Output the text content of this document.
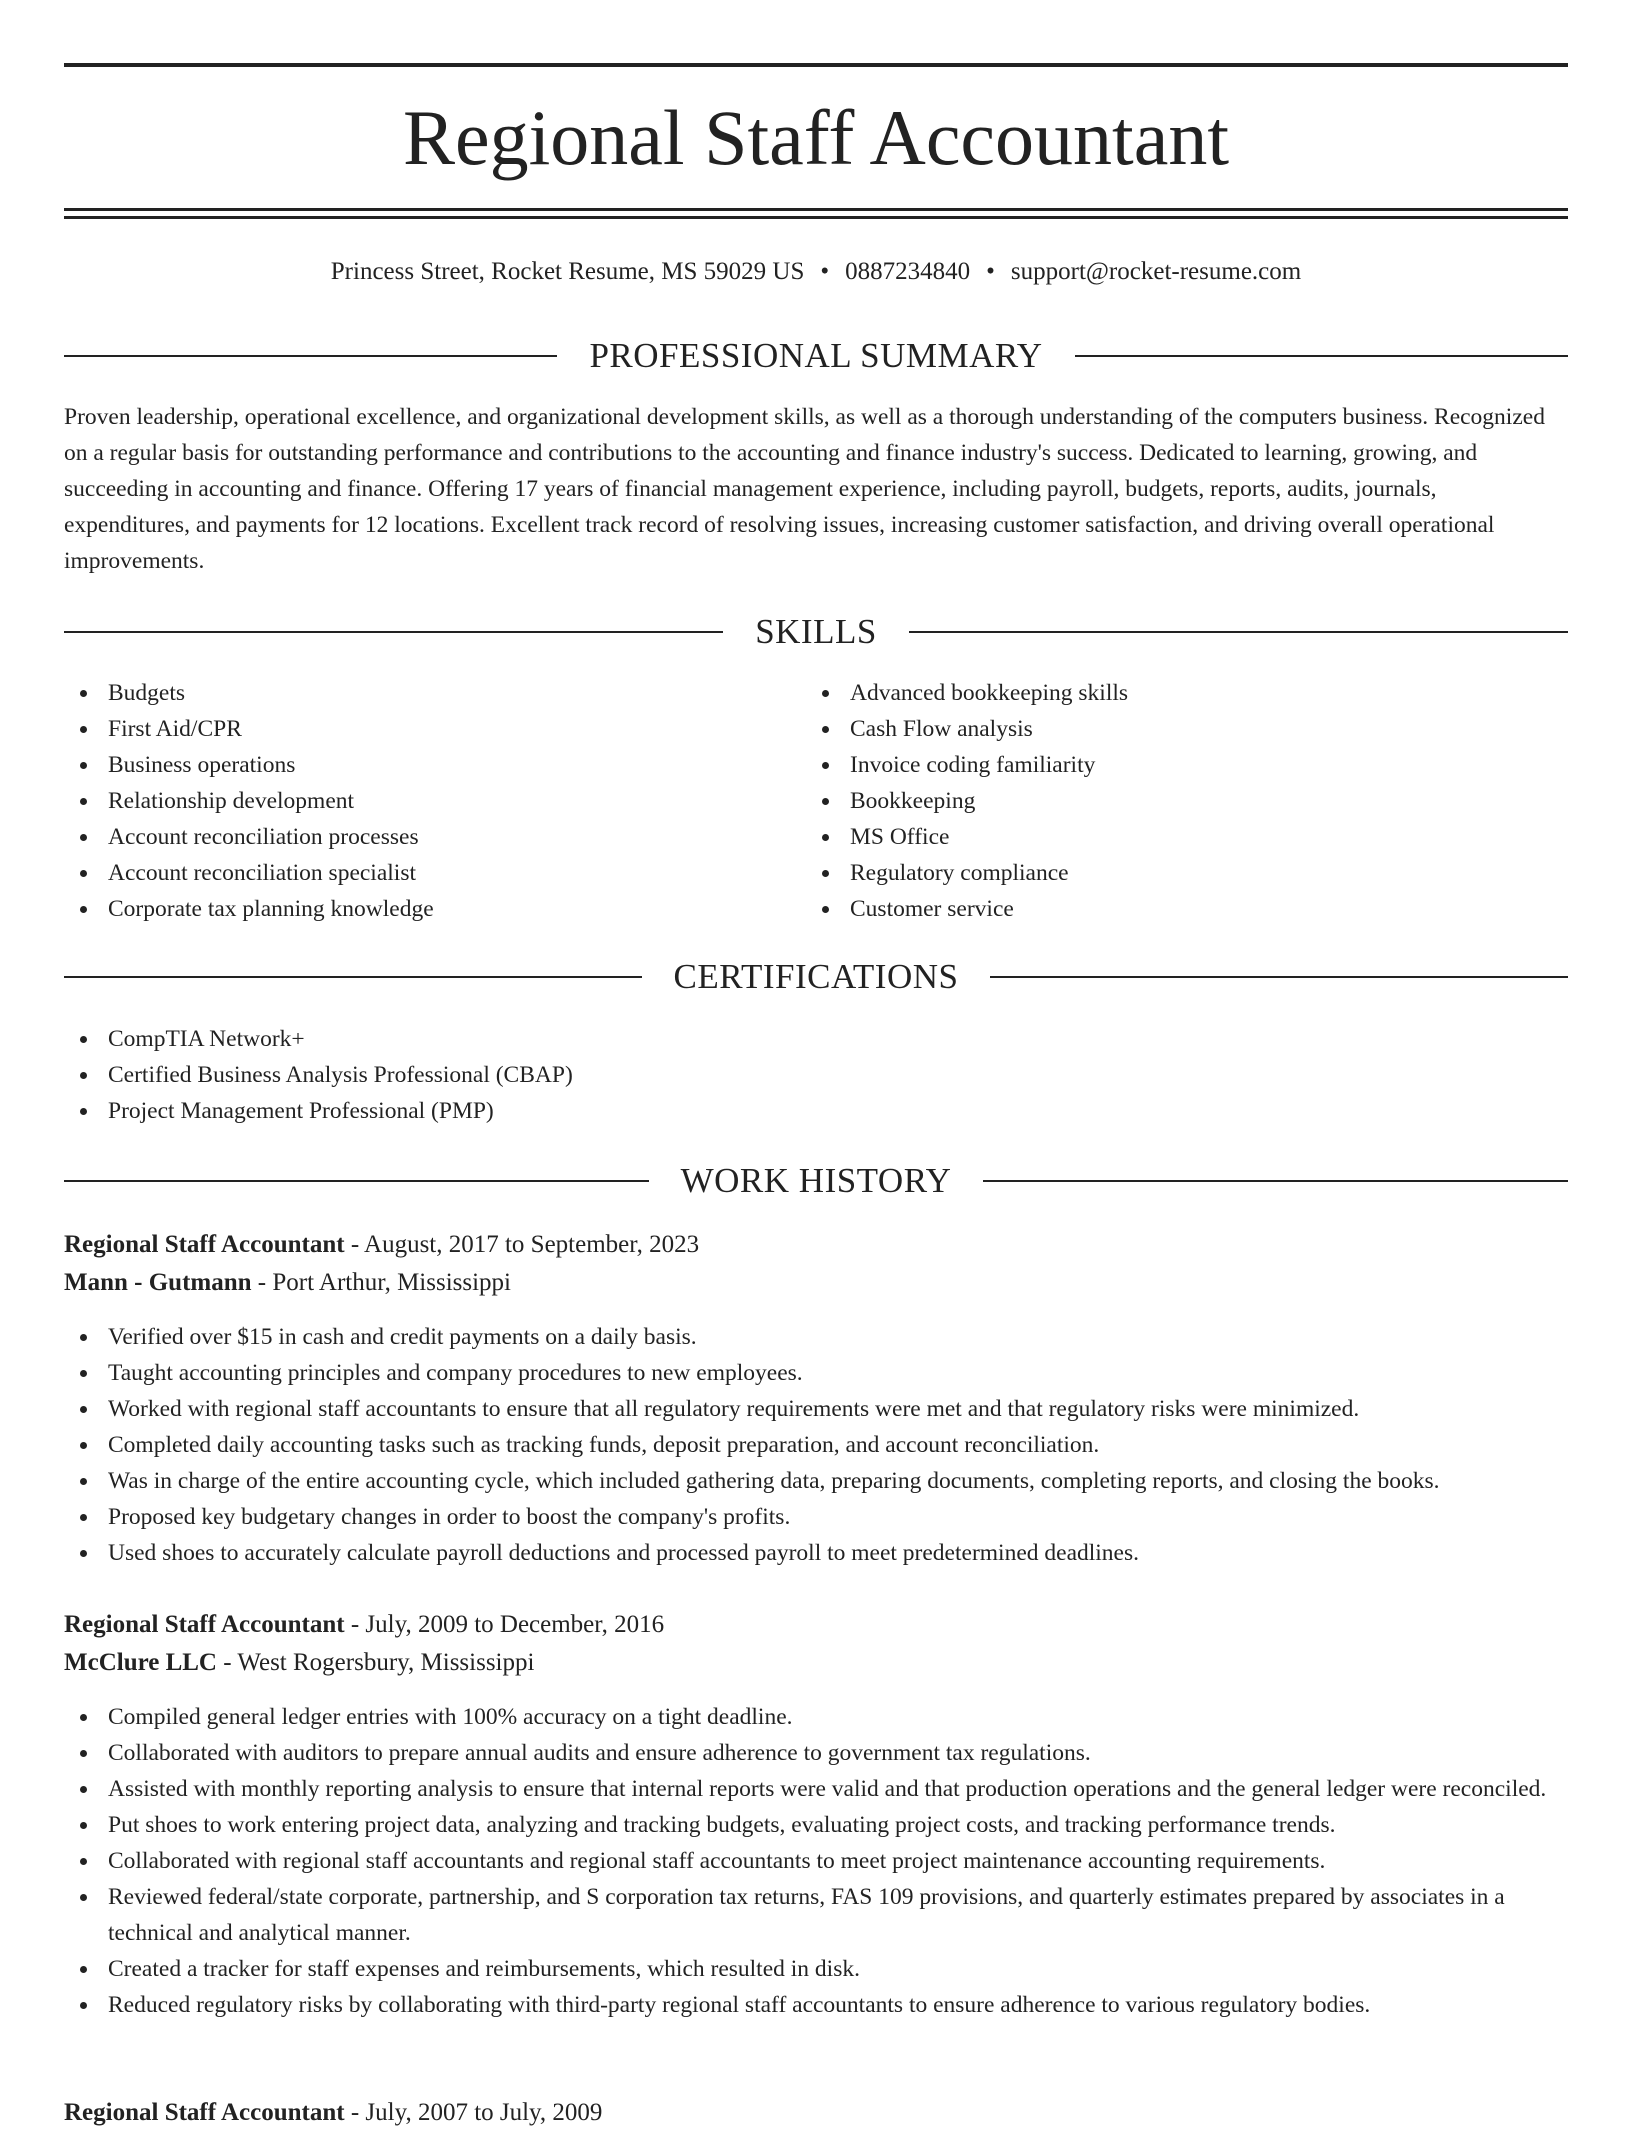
Regional Staff Accountant
Princess Street, Rocket Resume, MS 59029 US • 0887234840 • support@rocket-resume.com
PROFESSIONAL SUMMARY

Proven leadership, operational excellence, and organizational development skills, as well as a thorough understanding of the computers business. Recognized on a regular basis for outstanding performance and contributions to the accounting and finance industry's success. Dedicated to learning, growing, and succeeding in accounting and finance. Offering 17 years of financial management experience, including payroll, budgets, reports, audits, journals, expenditures, and payments for 12 locations. Excellent track record of resolving issues, increasing customer satisfaction, and driving overall operational improvements.

SKILLS
Budgets
First Aid/CPR
Business operations
Relationship development
Account reconciliation processes
Account reconciliation specialist
Corporate tax planning knowledge
Advanced bookkeeping skills
Cash Flow analysis
Invoice coding familiarity
Bookkeeping
MS Office
Regulatory compliance
Customer service
CERTIFICATIONS
CompTIA Network+
Certified Business Analysis Professional (CBAP)
Project Management Professional (PMP)
WORK HISTORY
Regional Staff Accountant - August, 2017 to September, 2023
Mann - Gutmann - Port Arthur, Mississippi
Verified over $15 in cash and credit payments on a daily basis.
Taught accounting principles and company procedures to new employees.
Worked with regional staff accountants to ensure that all regulatory requirements were met and that regulatory risks were minimized.
Completed daily accounting tasks such as tracking funds, deposit preparation, and account reconciliation.
Was in charge of the entire accounting cycle, which included gathering data, preparing documents, completing reports, and closing the books.
Proposed key budgetary changes in order to boost the company's profits.
Used shoes to accurately calculate payroll deductions and processed payroll to meet predetermined deadlines.
Regional Staff Accountant - July, 2009 to December, 2016
McClure LLC - West Rogersbury, Mississippi
Compiled general ledger entries with 100% accuracy on a tight deadline.
Collaborated with auditors to prepare annual audits and ensure adherence to government tax regulations.
Assisted with monthly reporting analysis to ensure that internal reports were valid and that production operations and the general ledger were reconciled.
Put shoes to work entering project data, analyzing and tracking budgets, evaluating project costs, and tracking performance trends.
Collaborated with regional staff accountants and regional staff accountants to meet project maintenance accounting requirements.
Reviewed federal/state corporate, partnership, and S corporation tax returns, FAS 109 provisions, and quarterly estimates prepared by associates in a technical and analytical manner.
Created a tracker for staff expenses and reimbursements, which resulted in disk.
Reduced regulatory risks by collaborating with third-party regional staff accountants to ensure adherence to various regulatory bodies.
Regional Staff Accountant - July, 2007 to July, 2009
